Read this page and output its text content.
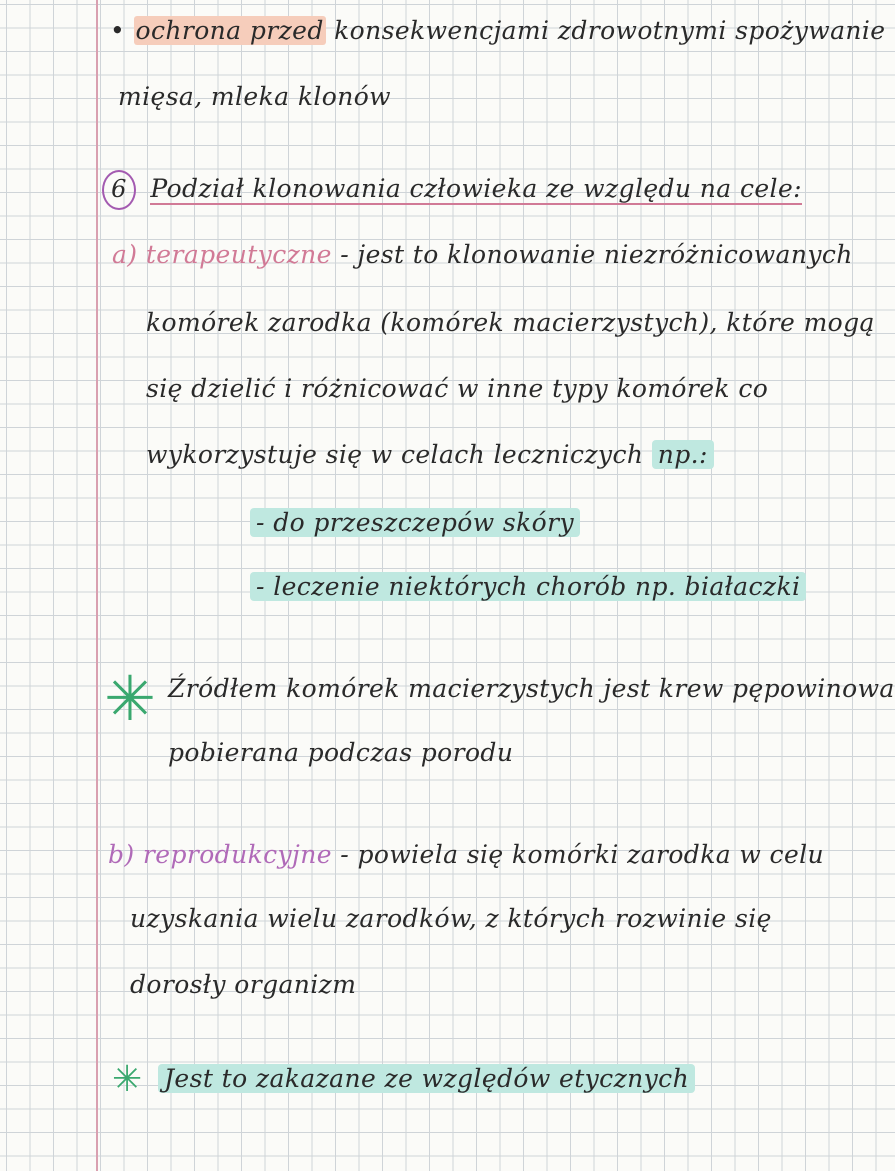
• ochrona przed konsekwencjami zdrowotnymi spożywanie
mięsa, mleka klonów
6 Podział klonowania człowieka ze względu na cele:
a) terapeutyczne - jest to klonowanie niezróżnicowanych
komórek zarodka (komórek macierzystych), które mogą
się dzielić i różnicować w inne typy komórek co
wykorzystuje się w celach leczniczych np.:
- do przeszczepów skóry
- leczenie niektórych chorób np. białaczki
✳ Źródłem komórek macierzystych jest krew pępowinowa
pobierana podczas porodu
b) reprodukcyjne - powiela się komórki zarodka w celu
uzyskania wielu zarodków, z których rozwinie się
dorosły organizm
✳ Jest to zakazane ze względów etycznych
